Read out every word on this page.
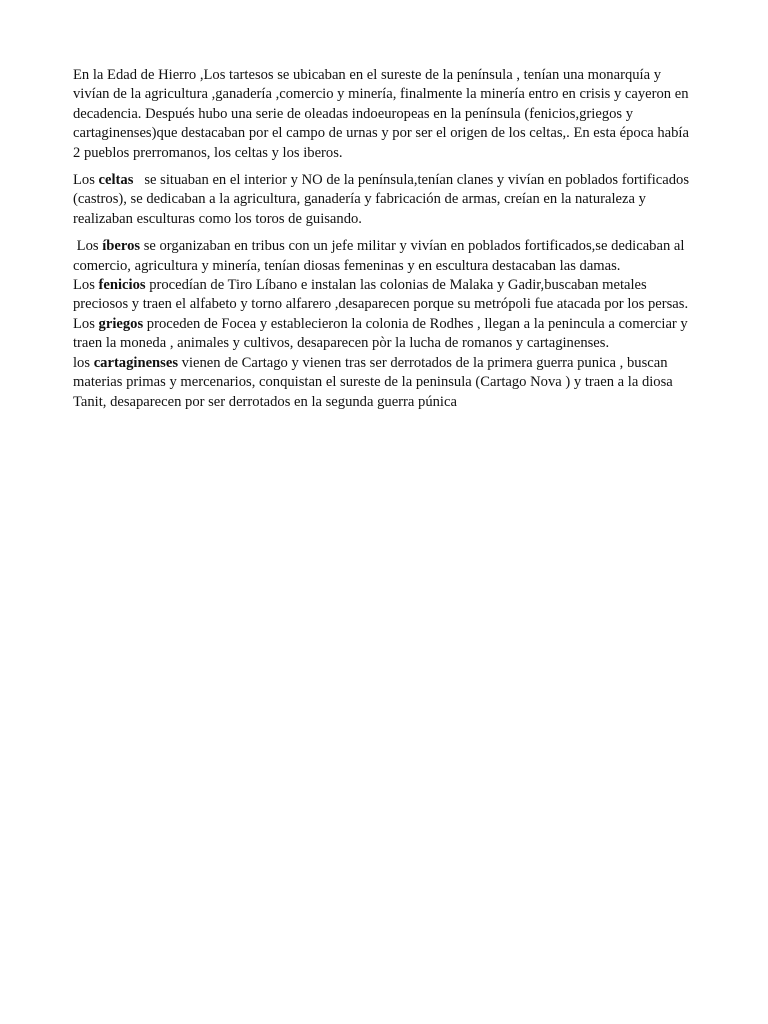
En la Edad de Hierro ,Los tartesos se ubicaban en el sureste de la península , tenían una monarquía y vivían de la agricultura ,ganadería ,comercio y minería, finalmente la minería entro en crisis y cayeron en decadencia. Después hubo una serie de oleadas indoeuropeas en la península (fenicios,griegos y cartaginenses)que destacaban por el campo de urnas y por ser el origen de los celtas,. En esta época había 2 pueblos prerromanos, los celtas y los iberos.

Los celtas   se situaban en el interior y NO de la península,tenían clanes y vivían en poblados fortificados (castros), se dedicaban a la agricultura, ganadería y fabricación de armas, creían en la naturaleza y realizaban esculturas como los toros de guisando.

Los íberos se organizaban en tribus con un jefe militar y vivían en poblados fortificados,se dedicaban al comercio, agricultura y minería, tenían diosas femeninas y en escultura destacaban las damas.

Los fenicios procedían de Tiro Líbano e instalan las colonias de Malaka y Gadir,buscaban metales preciosos y traen el alfabeto y torno alfarero ,desaparecen porque su metrópoli fue atacada por los persas.

Los griegos proceden de Focea y establecieron la colonia de Rodhes , llegan a la penincula a comerciar y traen la moneda , animales y cultivos, desaparecen pòr la lucha de romanos y cartaginenses.

los cartaginenses vienen de Cartago y vienen tras ser derrotados de la primera guerra punica , buscan materias primas y mercenarios, conquistan el sureste de la peninsula (Cartago Nova ) y traen a la diosa Tanit, desaparecen por ser derrotados en la segunda guerra púnica
